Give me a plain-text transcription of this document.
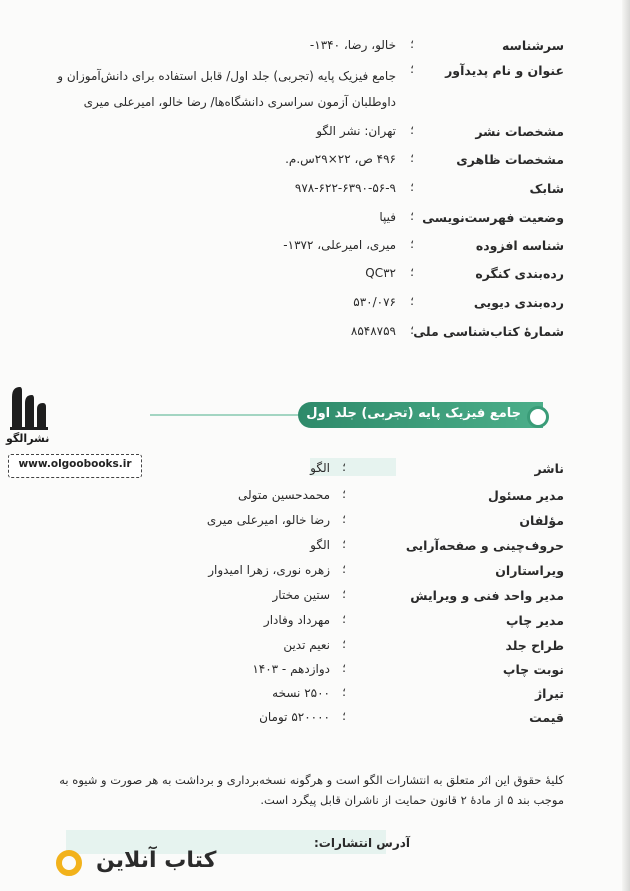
سرشناسه
؛
خالو، رضا، ۱۳۴۰-
عنوان و نام پدیدآور
؛
جامع فیزیک پایه (تجربی) جلد اول/ قابل استفاده برای دانش‌آموزان و داوطلبان آزمون سراسری دانشگاه‌ها/ رضا خالو، امیرعلی میری
مشخصات نشر
؛
تهران: نشر الگو
مشخصات ظاهری
؛
۴۹۶ ص، ۲۲×۲۹س.م.
شابک
؛
۹۷۸-۶۲۲-۶۳۹۰-۵۶-۹
وضعیت فهرست‌نویسی
؛
فیپا
شناسه افزوده
؛
میری، امیرعلی، ۱۳۷۲-
رده‌بندی کنگره
؛
QC۳۲
رده‌بندی دیویی
؛
۵۳۰/۰۷۶
شمارهٔ کتاب‌شناسی ملی
؛
۸۵۴۸۷۵۹
نشرالگو
www.olgoobooks.ir
جامع فیزیک پایه (تجربی) جلد اول
ناشر
؛
الگو
مدیر مسئول
؛
محمدحسین متولی
مؤلفان
؛
رضا خالو، امیرعلی میری
حروف‌چینی و صفحه‌آرایی
؛
الگو
ویراستاران
؛
زهره نوری، زهرا امیدوار
مدیر واحد فنی و ویرایش
؛
ستین مختار
مدیر چاپ
؛
مهرداد وفادار
طراح جلد
؛
نعیم تدین
نوبت چاپ
؛
دوازدهم - ۱۴۰۳
تیراژ
؛
۲۵۰۰ نسخه
قیمت
؛
۵۲۰۰۰۰ تومان
کلیهٔ حقوق این اثر متعلق به انتشارات الگو است و هرگونه نسخه‌برداری و برداشت به هر صورت و شیوه به موجب بند ۵ از مادهٔ ۲ قانون حمایت از ناشران قابل پیگرد است.
آدرس انتشارات:
کتاب آنلاین
